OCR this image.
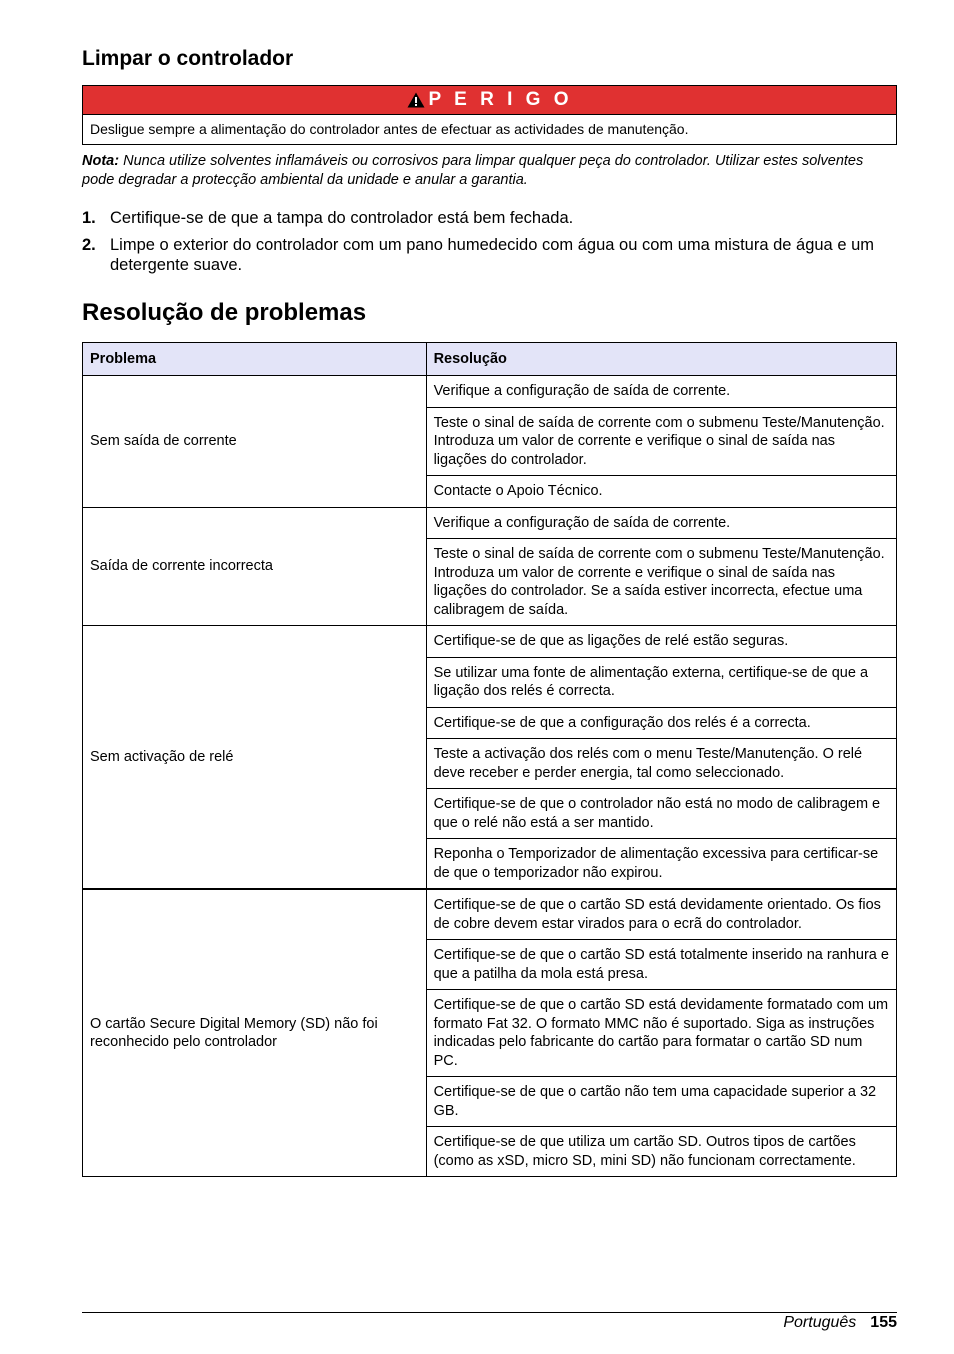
Limpar o controlador
P E R I G O
Desligue sempre a alimentação do controlador antes de efectuar as actividades de manutenção.
Nota: Nunca utilize solventes inflamáveis ou corrosivos para limpar qualquer peça do controlador. Utilizar estes solventes pode degradar a protecção ambiental da unidade e anular a garantia.
1. Certifique-se de que a tampa do controlador está bem fechada.
2. Limpe o exterior do controlador com um pano humedecido com água ou com uma mistura de água e um detergente suave.
Resolução de problemas
Problema	Resolução
Sem saída de corrente	Verifique a configuração de saída de corrente.
	Teste o sinal de saída de corrente com o submenu Teste/Manutenção. Introduza um valor de corrente e verifique o sinal de saída nas ligações do controlador.
	Contacte o Apoio Técnico.
Saída de corrente incorrecta	Verifique a configuração de saída de corrente.
	Teste o sinal de saída de corrente com o submenu Teste/Manutenção. Introduza um valor de corrente e verifique o sinal de saída nas ligações do controlador. Se a saída estiver incorrecta, efectue uma calibragem de saída.
Sem activação de relé	Certifique-se de que as ligações de relé estão seguras.
	Se utilizar uma fonte de alimentação externa, certifique-se de que a ligação dos relés é correcta.
	Certifique-se de que a configuração dos relés é a correcta.
	Teste a activação dos relés com o menu Teste/Manutenção. O relé deve receber e perder energia, tal como seleccionado.
	Certifique-se de que o controlador não está no modo de calibragem e que o relé não está a ser mantido.
	Reponha o Temporizador de alimentação excessiva para certificar-se de que o temporizador não expirou.
O cartão Secure Digital Memory (SD) não foi reconhecido pelo controlador	Certifique-se de que o cartão SD está devidamente orientado. Os fios de cobre devem estar virados para o ecrã do controlador.
	Certifique-se de que o cartão SD está totalmente inserido na ranhura e que a patilha da mola está presa.
	Certifique-se de que o cartão SD está devidamente formatado com um formato Fat 32. O formato MMC não é suportado. Siga as instruções indicadas pelo fabricante do cartão para formatar o cartão SD num PC.
	Certifique-se de que o cartão não tem uma capacidade superior a 32 GB.
	Certifique-se de que utiliza um cartão SD. Outros tipos de cartões (como as xSD, micro SD, mini SD) não funcionam correctamente.
Português 155
